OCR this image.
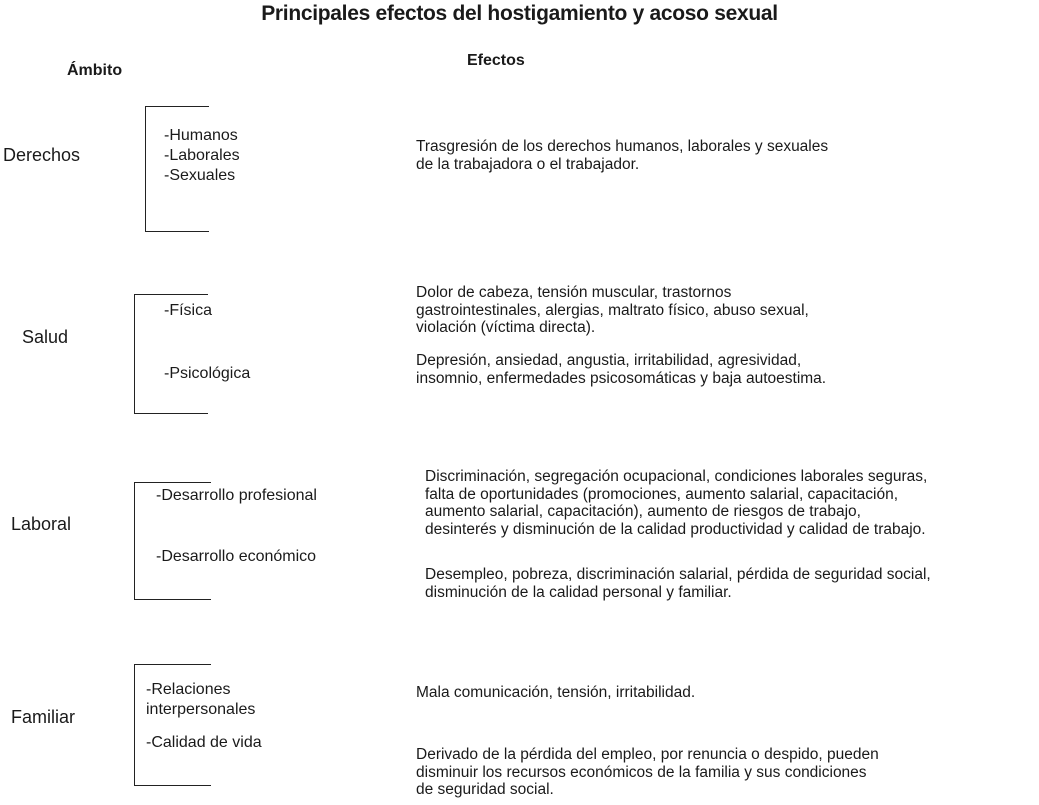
Principales efectos del hostigamiento y acoso sexual
Ámbito
Efectos
Derechos
-Humanos
-Laborales
-Sexuales
Trasgresión de los derechos humanos, laborales y sexuales
de la trabajadora o el trabajador.
Salud
-Física
-Psicológica
Dolor de cabeza, tensión muscular, trastornos
gastrointestinales, alergias, maltrato físico, abuso sexual,
violación (víctima directa).
Depresión, ansiedad, angustia, irritabilidad, agresividad,
insomnio, enfermedades psicosomáticas y baja autoestima.
Laboral
-Desarrollo profesional
-Desarrollo económico
Discriminación, segregación ocupacional, condiciones laborales seguras,
falta de oportunidades (promociones, aumento salarial, capacitación,
aumento salarial, capacitación), aumento de riesgos de trabajo,
desinterés y disminución de la calidad productividad y calidad de trabajo.
Desempleo, pobreza, discriminación salarial, pérdida de seguridad social,
disminución de la calidad personal y familiar.
Familiar
-Relaciones
interpersonales
-Calidad de vida
Mala comunicación, tensión, irritabilidad.
Derivado de la pérdida del empleo, por renuncia o despido, pueden
disminuir los recursos económicos de la familia y sus condiciones
de seguridad social.
